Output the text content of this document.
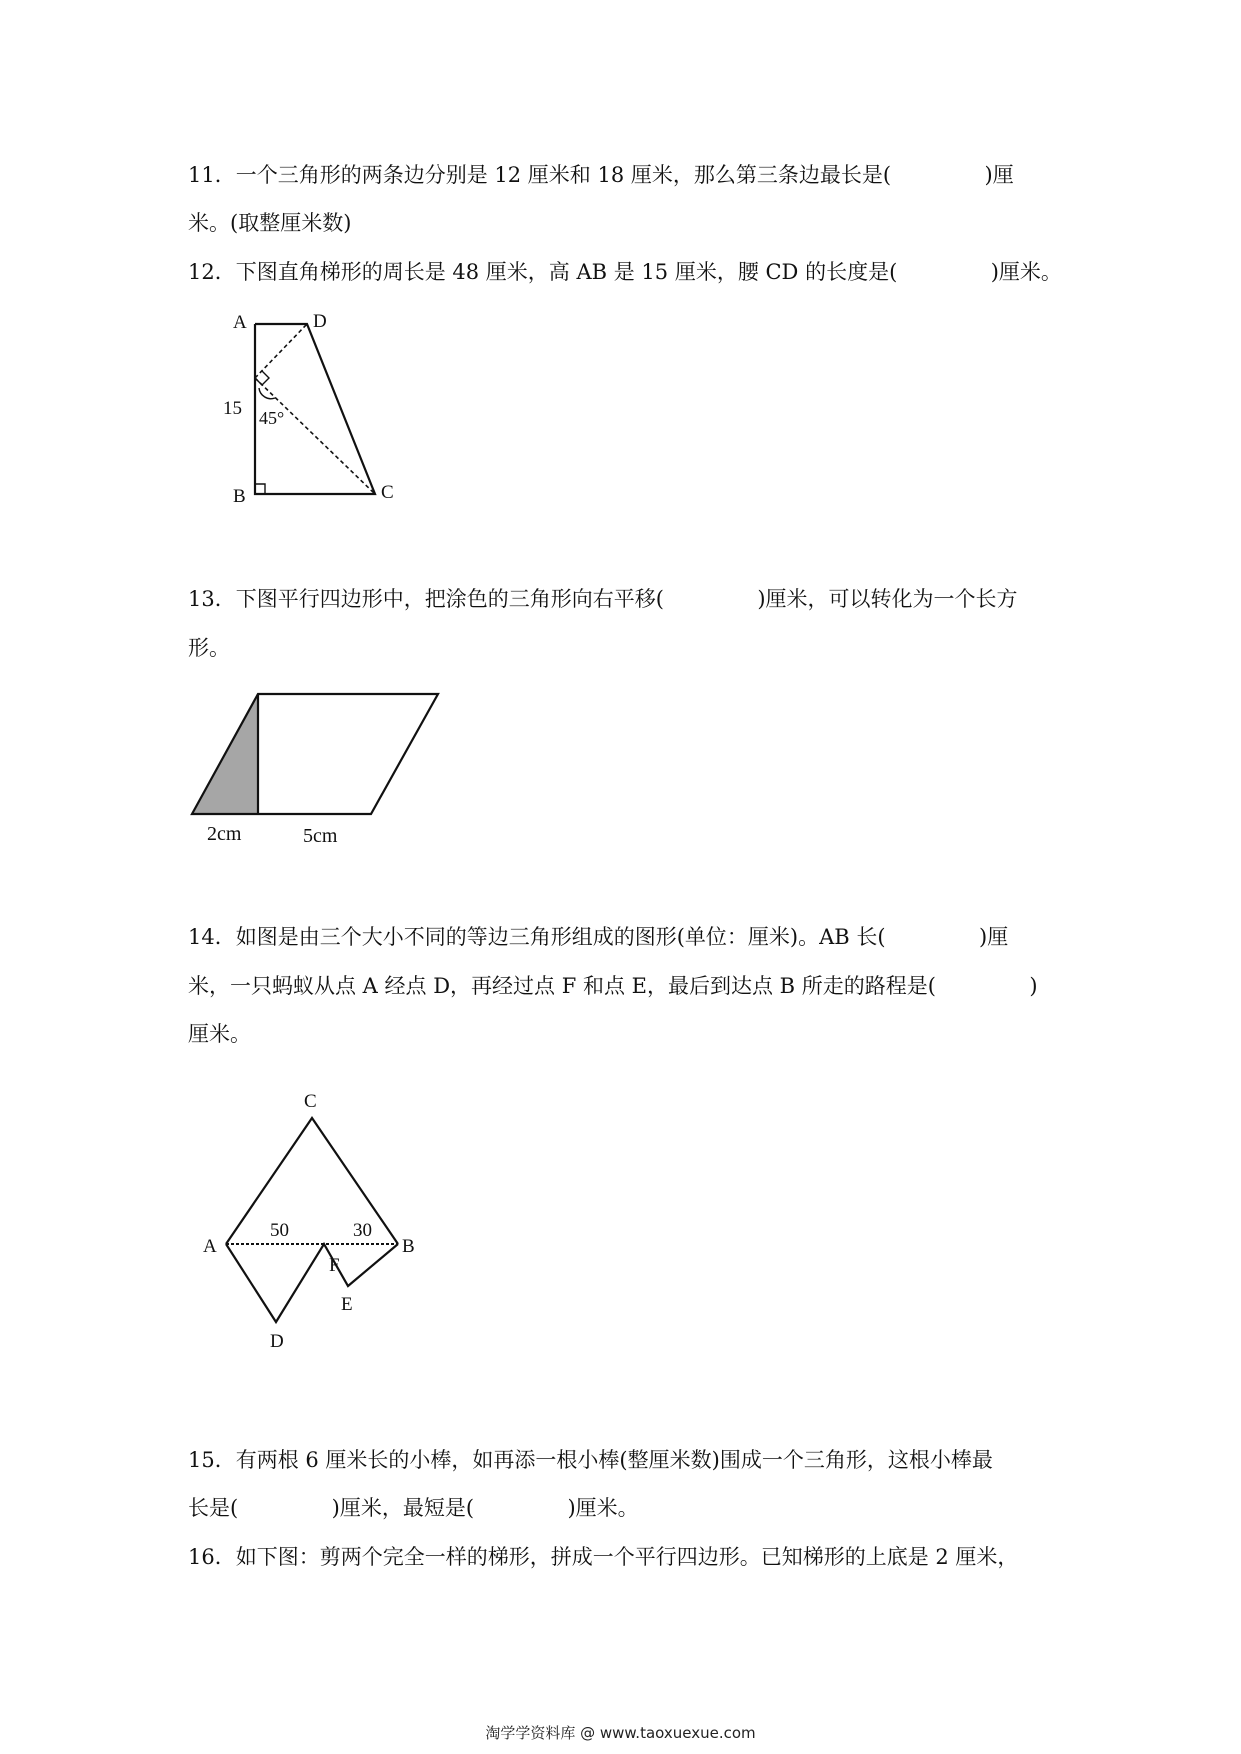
11．一个三角形的两条边分别是 12 厘米和 18 厘米，那么第三条边最长是(              )厘
米。(取整厘米数)
12．下图直角梯形的周长是 48 厘米，高 AB 是 15 厘米，腰 CD 的长度是(              )厘米。
A	D
15 45°
B	C
13．下图平行四边形中，把涂色的三角形向右平移(              )厘米，可以转化为一个长方
形。
2cm	5cm
14．如图是由三个大小不同的等边三角形组成的图形(单位：厘米)。AB 长(              )厘
米，一只蚂蚁从点 A 经点 D，再经过点 F 和点 E，最后到达点 B 所走的路程是(              )
厘米。
C
50	30
A	B
F
E
D
15．有两根 6 厘米长的小棒，如再添一根小棒(整厘米数)围成一个三角形，这根小棒最
长是(              )厘米，最短是(              )厘米。
16．如下图：剪两个完全一样的梯形，拼成一个平行四边形。已知梯形的上底是 2 厘米，
淘学学资料库 @ www.taoxuexue.com
